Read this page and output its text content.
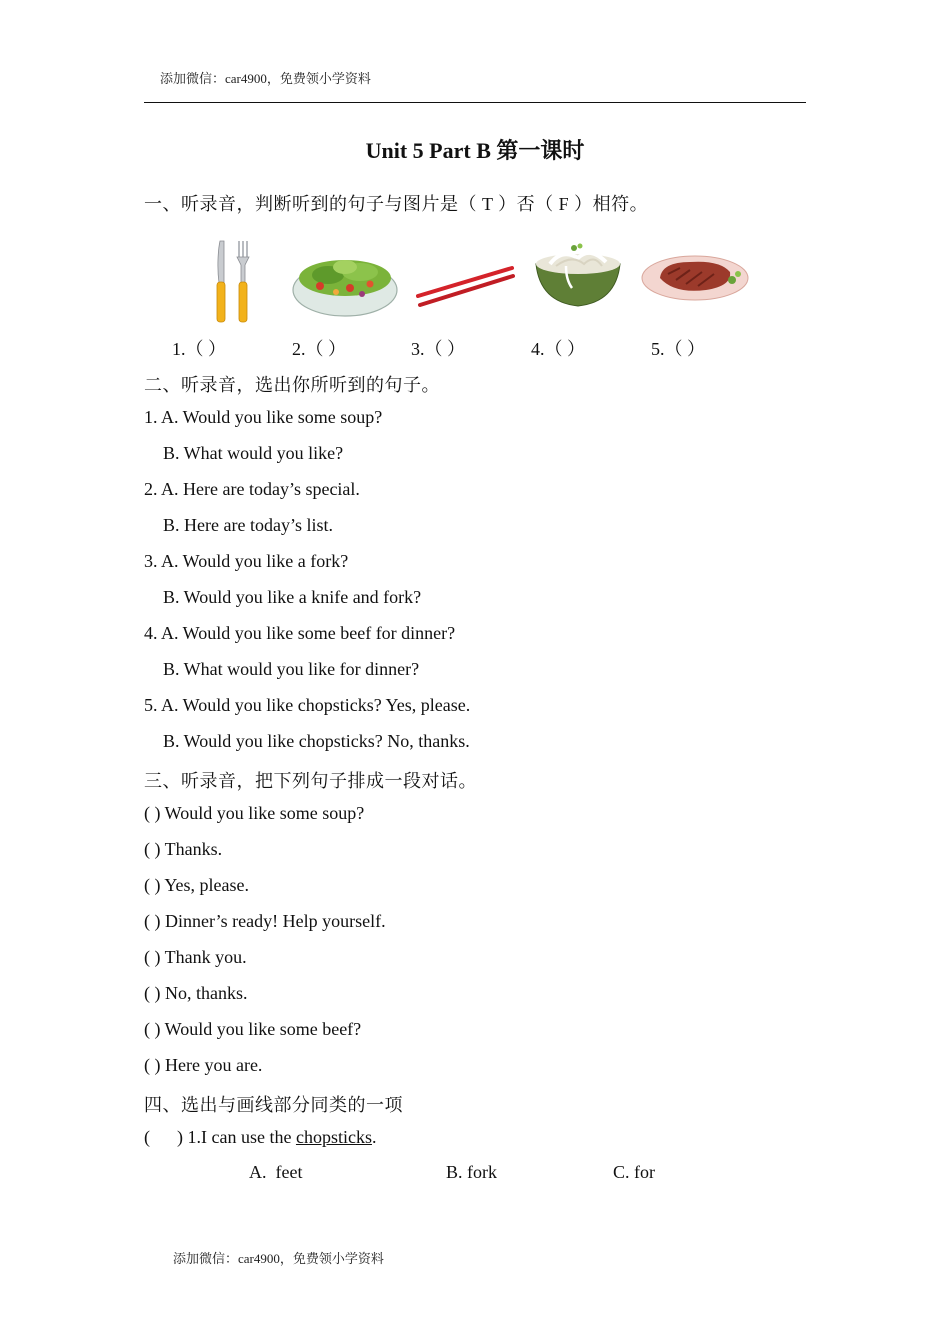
添加微信：car4900，免费领小学资料
Unit 5 Part B 第一课时
一、听录音，判断听到的句子与图片是（ T ）否（ F ）相符。
1.（ ）	2.（ ）	3.（ ）	4.（ ）	5.（ ）
二、听录音，选出你所听到的句子。
1. A. Would you like some soup?
B. What would you like?
2. A. Here are today’s special.
B. Here are today’s list.
3. A. Would you like a fork?
B. Would you like a knife and fork?
4. A. Would you like some beef for dinner?
B. What would you like for dinner?
5. A. Would you like chopsticks? Yes, please.
B. Would you like chopsticks? No, thanks.
三、听录音，把下列句子排成一段对话。
( ) Would you like some soup?
( ) Thanks.
( ) Yes, please.
( ) Dinner’s ready! Help yourself.
( ) Thank you.
( ) No, thanks.
( ) Would you like some beef?
( ) Here you are.
四、选出与画线部分同类的一项
(      ) 1.I can use the chopsticks.
A.  feet	B. fork	C. for
添加微信：car4900，免费领小学资料
